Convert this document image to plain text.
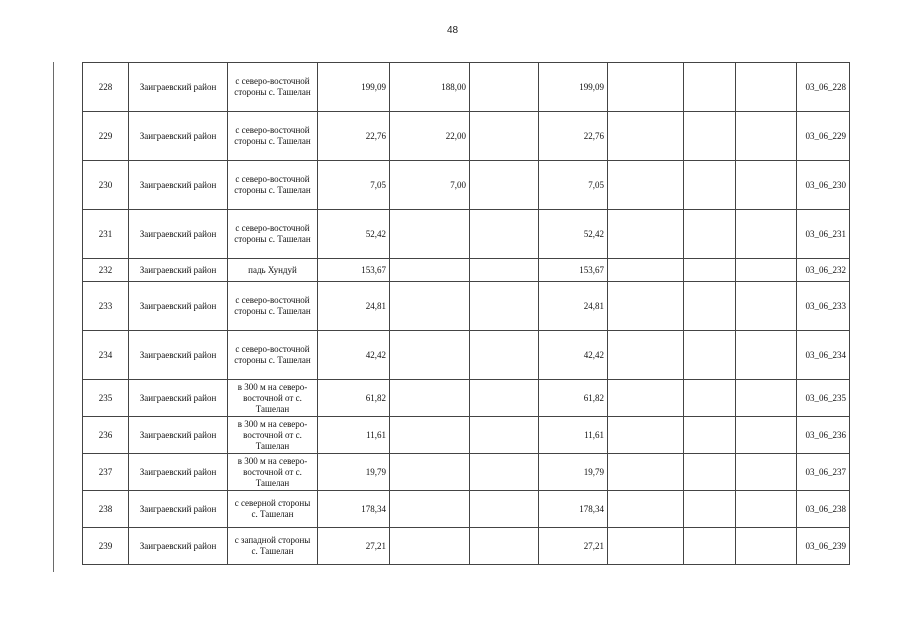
48
228	Заиграевский район	с северо-восточной стороны с. Ташелан	199,09	188,00		199,09				03_06_228
229	Заиграевский район	с северо-восточной стороны с. Ташелан	22,76	22,00		22,76				03_06_229
230	Заиграевский район	с северо-восточной стороны с. Ташелан	7,05	7,00		7,05				03_06_230
231	Заиграевский район	с северо-восточной стороны с. Ташелан	52,42			52,42				03_06_231
232	Заиграевский район	падь Хундуй	153,67			153,67				03_06_232
233	Заиграевский район	с северо-восточной стороны с. Ташелан	24,81			24,81				03_06_233
234	Заиграевский район	с северо-восточной стороны с. Ташелан	42,42			42,42				03_06_234
235	Заиграевский район	в 300 м на северо-восточной от с. Ташелан	61,82			61,82				03_06_235
236	Заиграевский район	в 300 м на северо-восточной от с. Ташелан	11,61			11,61				03_06_236
237	Заиграевский район	в 300 м на северо-восточной от с. Ташелан	19,79			19,79				03_06_237
238	Заиграевский район	с северной стороны с. Ташелан	178,34			178,34				03_06_238
239	Заиграевский район	с западной стороны с. Ташелан	27,21			27,21				03_06_239
